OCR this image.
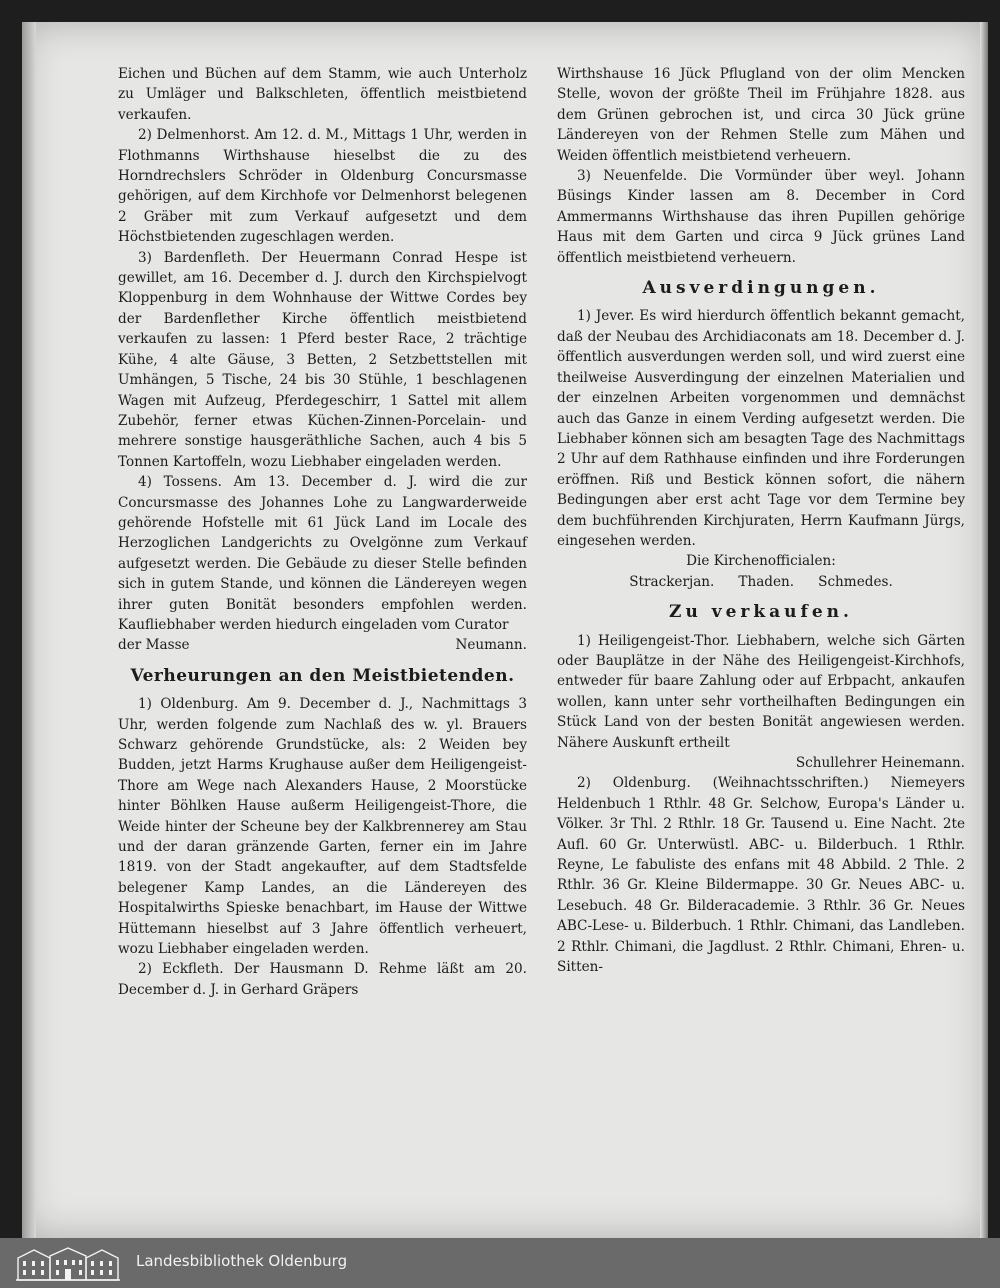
Eichen und Büchen auf dem Stamm, wie auch Unterholz zu Umläger und Balkschleten, öffentlich meistbietend verkaufen.

2) Delmenhorst. Am 12. d. M., Mittags 1 Uhr, werden in Flothmanns Wirthshause hieselbst die zu des Horndrechslers Schröder in Oldenburg Concursmasse gehörigen, auf dem Kirchhofe vor Delmenhorst belegenen 2 Gräber mit zum Verkauf aufgesetzt und dem Höchstbietenden zugeschlagen werden.

3) Bardenfleth. Der Heuermann Conrad Hespe ist gewillet, am 16. December d. J. durch den Kirchspielvogt Kloppenburg in dem Wohnhause der Wittwe Cordes bey der Bardenflether Kirche öffentlich meistbietend verkaufen zu lassen: 1 Pferd bester Race, 2 trächtige Kühe, 4 alte Gäuse, 3 Betten, 2 Setzbettstellen mit Umhängen, 5 Tische, 24 bis 30 Stühle, 1 beschlagenen Wagen mit Aufzeug, Pferdegeschirr, 1 Sattel mit allem Zubehör, ferner etwas Küchen-Zinnen-Porcelain- und mehrere sonstige hausgeräthliche Sachen, auch 4 bis 5 Tonnen Kartoffeln, wozu Liebhaber eingeladen werden.

4) Tossens. Am 13. December d. J. wird die zur Concursmasse des Johannes Lohe zu Langwarderweide gehörende Hofstelle mit 61 Jück Land im Locale des Herzoglichen Landgerichts zu Ovelgönne zum Verkauf aufgesetzt werden. Die Gebäude zu dieser Stelle befinden sich in gutem Stande, und können die Ländereyen wegen ihrer guten Bonität besonders empfohlen werden. Kaufliebhaber werden hiedurch eingeladen vom Curator

der Masse	Neumann.
Verheurungen an den Meistbietenden.

1) Oldenburg. Am 9. December d. J., Nachmittags 3 Uhr, werden folgende zum Nachlaß des w. yl. Brauers Schwarz gehörende Grundstücke, als: 2 Weiden bey Budden, jetzt Harms Krughause außer dem Heiligengeist-Thore am Wege nach Alexanders Hause, 2 Moorstücke hinter Böhlken Hause außerm Heiligengeist-Thore, die Weide hinter der Scheune bey der Kalkbrennerey am Stau und der daran gränzende Garten, ferner ein im Jahre 1819. von der Stadt angekaufter, auf dem Stadtsfelde belegener Kamp Landes, an die Ländereyen des Hospitalwirths Spieske benachbart, im Hause der Wittwe Hüttemann hieselbst auf 3 Jahre öffentlich verheuert, wozu Liebhaber eingeladen werden.

2) Eckfleth. Der Hausmann D. Rehme läßt am 20. December d. J. in Gerhard Gräpers

Wirthshause 16 Jück Pflugland von der olim Mencken Stelle, wovon der größte Theil im Frühjahre 1828. aus dem Grünen gebrochen ist, und circa 30 Jück grüne Ländereyen von der Rehmen Stelle zum Mähen und Weiden öffentlich meistbietend verheuern.

3) Neuenfelde. Die Vormünder über weyl. Johann Büsings Kinder lassen am 8. December in Cord Ammermanns Wirthshause das ihren Pupillen gehörige Haus mit dem Garten und circa 9 Jück grünes Land öffentlich meistbietend verheuern.

Ausverdingungen.

1) Jever. Es wird hierdurch öffentlich bekannt gemacht, daß der Neubau des Archidiaconats am 18. December d. J. öffentlich ausverdungen werden soll, und wird zuerst eine theilweise Ausverdingung der einzelnen Materialien und der einzelnen Arbeiten vorgenommen und demnächst auch das Ganze in einem Verding aufgesetzt werden. Die Liebhaber können sich am besagten Tage des Nachmittags 2 Uhr auf dem Rathhause einfinden und ihre Forderungen eröffnen. Riß und Bestick können sofort, die nähern Bedingungen aber erst acht Tage vor dem Termine bey dem buchführenden Kirchjuraten, Herrn Kaufmann Jürgs, eingesehen werden.

Die Kirchenofficialen:

Strackerjan. Thaden. Schmedes.
Zu verkaufen.

1) Heiligengeist-Thor. Liebhabern, welche sich Gärten oder Bauplätze in der Nähe des Heiligengeist-Kirchhofs, entweder für baare Zahlung oder auf Erbpacht, ankaufen wollen, kann unter sehr vortheilhaften Bedingungen ein Stück Land von der besten Bonität angewiesen werden. Nähere Auskunft ertheilt

Schullehrer Heinemann.

2) Oldenburg. (Weihnachtsschriften.) Niemeyers Heldenbuch 1 Rthlr. 48 Gr. Selchow, Europa's Länder u. Völker. 3r Thl. 2 Rthlr. 18 Gr. Tausend u. Eine Nacht. 2te Aufl. 60 Gr. Unterwüstl. ABC- u. Bilderbuch. 1 Rthlr. Reyne, Le fabuliste des enfans mit 48 Abbild. 2 Thle. 2 Rthlr. 36 Gr. Kleine Bildermappe. 30 Gr. Neues ABC- u. Lesebuch. 48 Gr. Bilderacademie. 3 Rthlr. 36 Gr. Neues ABC-Lese- u. Bilderbuch. 1 Rthlr. Chimani, das Landleben. 2 Rthlr. Chimani, die Jagdlust. 2 Rthlr. Chimani, Ehren- u. Sitten-

Landesbibliothek Oldenburg
